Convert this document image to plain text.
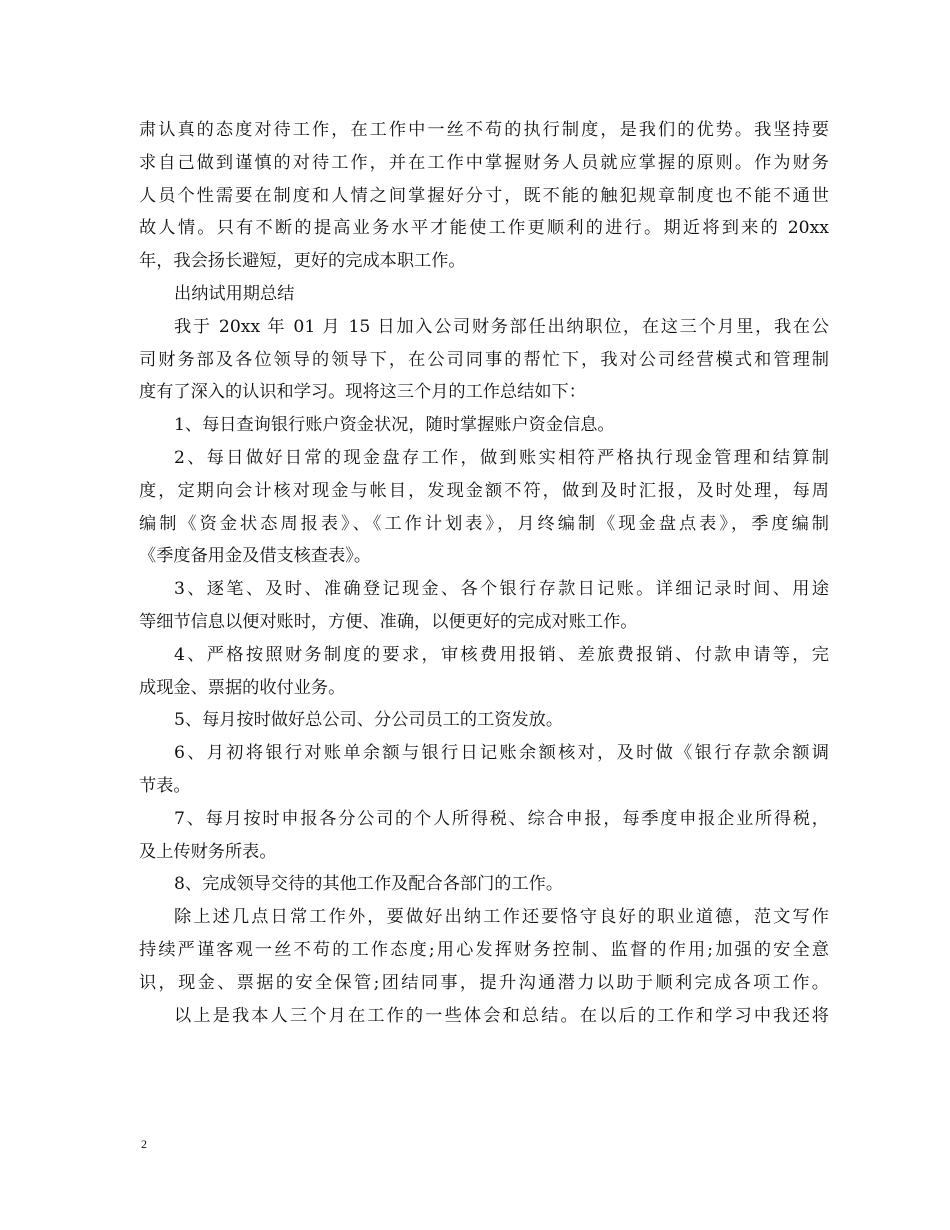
肃认真的态度对待工作，在工作中一丝不苟的执行制度，是我们的优势。我坚持要
求自己做到谨慎的对待工作，并在工作中掌握财务人员就应掌握的原则。作为财务
人员个性需要在制度和人情之间掌握好分寸，既不能的触犯规章制度也不能不通世
故人情。只有不断的提高业务水平才能使工作更顺利的进行。期近将到来的 20xx
年，我会扬长避短，更好的完成本职工作。
出纳试用期总结
我于 20xx 年 01 月 15 日加入公司财务部任出纳职位，在这三个月里，我在公
司财务部及各位领导的领导下，在公司同事的帮忙下，我对公司经营模式和管理制
度有了深入的认识和学习。现将这三个月的工作总结如下：
1、每日查询银行账户资金状况，随时掌握账户资金信息。
2、每日做好日常的现金盘存工作，做到账实相符严格执行现金管理和结算制
度，定期向会计核对现金与帐目，发现金额不符，做到及时汇报，及时处理，每周
编制《资金状态周报表》、《工作计划表》，月终编制《现金盘点表》，季度编制
《季度备用金及借支核查表》。
3、逐笔、及时、准确登记现金、各个银行存款日记账。详细记录时间、用途
等细节信息以便对账时，方便、准确，以便更好的完成对账工作。
4、严格按照财务制度的要求，审核费用报销、差旅费报销、付款申请等，完
成现金、票据的收付业务。
5、每月按时做好总公司、分公司员工的工资发放。
6、月初将银行对账单余额与银行日记账余额核对，及时做《银行存款余额调
节表。
7、每月按时申报各分公司的个人所得税、综合申报，每季度申报企业所得税，
及上传财务所表。
8、完成领导交待的其他工作及配合各部门的工作。
除上述几点日常工作外，要做好出纳工作还要恪守良好的职业道德，范文写作
持续严谨客观一丝不苟的工作态度;用心发挥财务控制、监督的作用;加强的安全意
识，现金、票据的安全保管;团结同事，提升沟通潜力以助于顺利完成各项工作。
以上是我本人三个月在工作的一些体会和总结。在以后的工作和学习中我还将
2
